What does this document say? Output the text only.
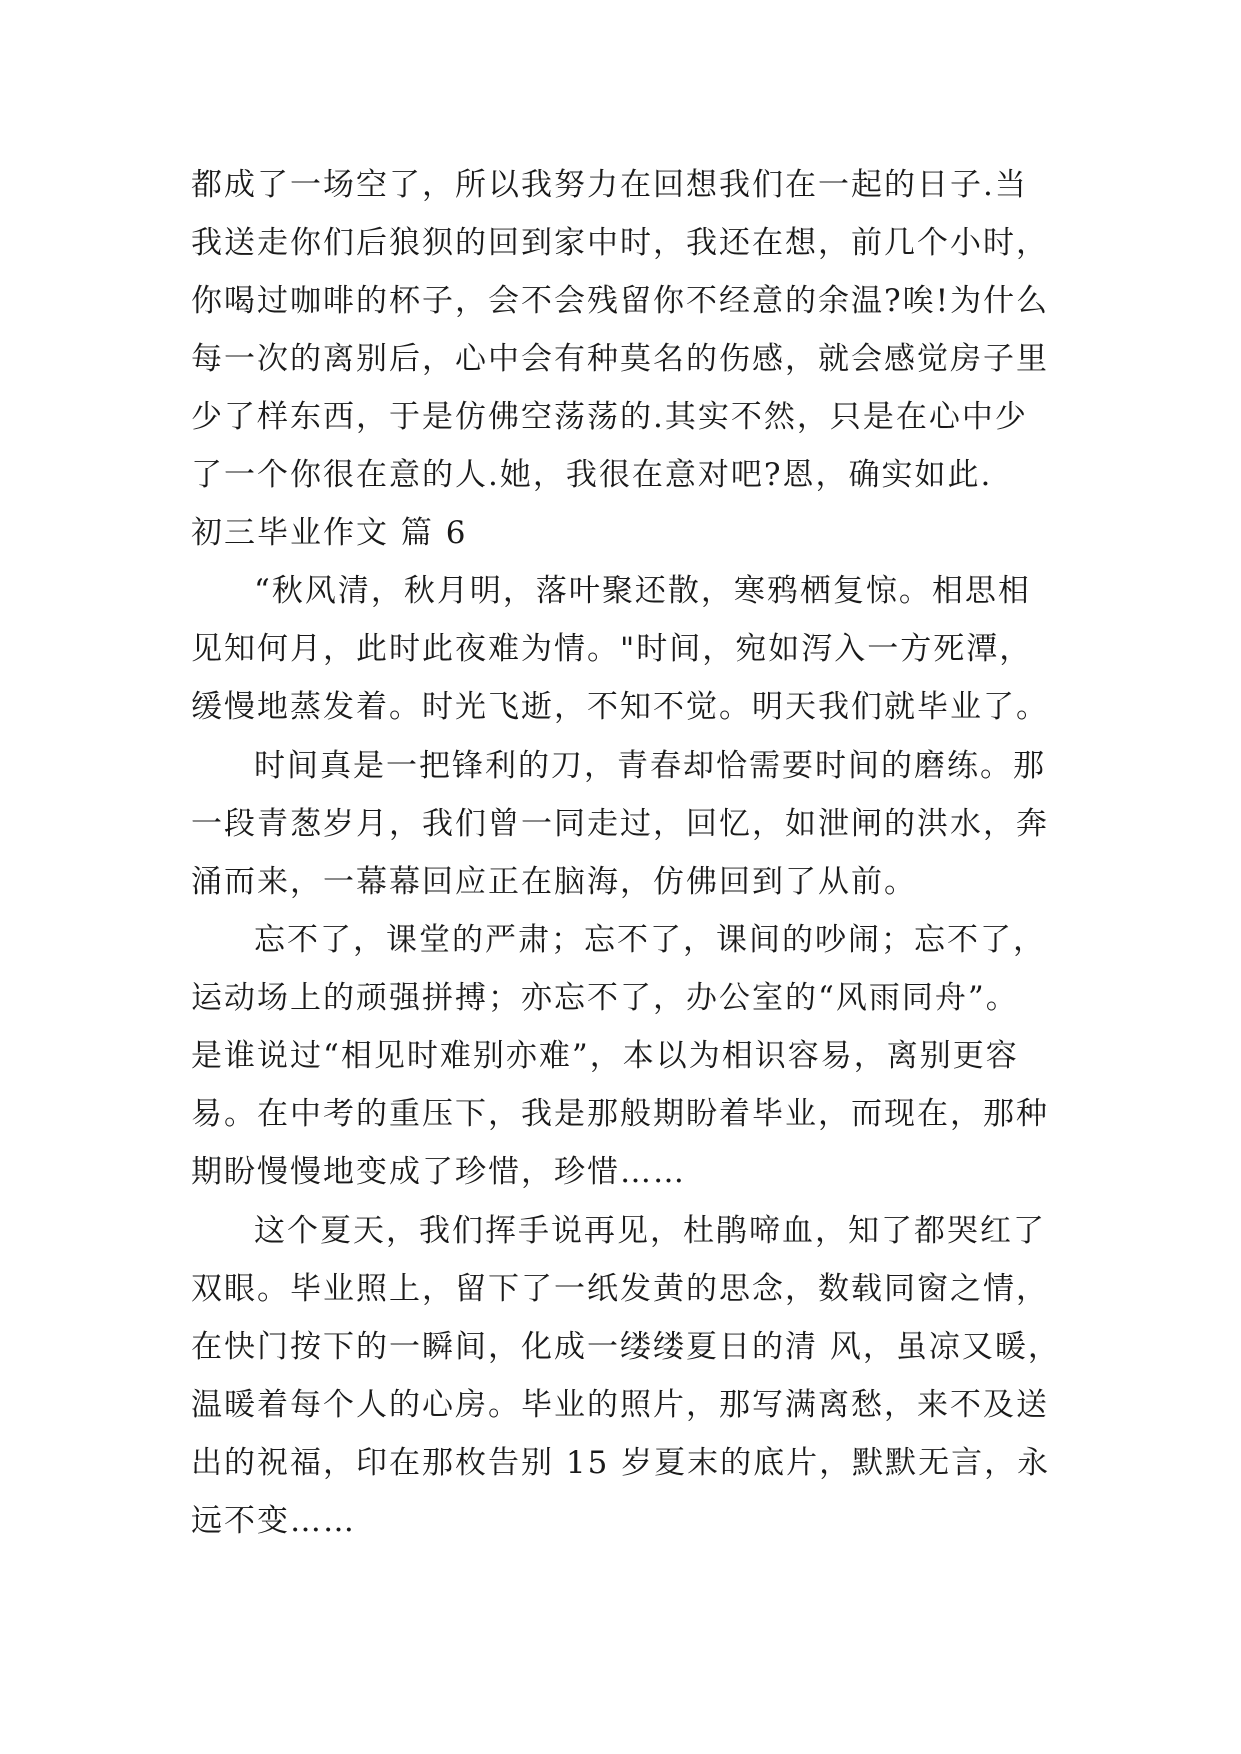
都成了一场空了，所以我努力在回想我们在一起的日子.当
我送走你们后狼狈的回到家中时，我还在想，前几个小时，
你喝过咖啡的杯子，会不会残留你不经意的余温?唉!为什么
每一次的离别后，心中会有种莫名的伤感，就会感觉房子里
少了样东西，于是仿佛空荡荡的.其实不然，只是在心中少
了一个你很在意的人.她，我很在意对吧?恩，确实如此.
初三毕业作文 篇 6
“秋风清，秋月明，落叶聚还散，寒鸦栖复惊。相思相
见知何月，此时此夜难为情。"时间，宛如泻入一方死潭，
缓慢地蒸发着。时光飞逝，不知不觉。明天我们就毕业了。
时间真是一把锋利的刀，青春却恰需要时间的磨练。那
一段青葱岁月，我们曾一同走过，回忆，如泄闸的洪水，奔
涌而来，一幕幕回应正在脑海，仿佛回到了从前。
忘不了，课堂的严肃；忘不了，课间的吵闹；忘不了，
运动场上的顽强拼搏；亦忘不了，办公室的“风雨同舟”。
是谁说过“相见时难别亦难”，本以为相识容易，离别更容
易。在中考的重压下，我是那般期盼着毕业，而现在，那种
期盼慢慢地变成了珍惜，珍惜……
这个夏天，我们挥手说再见，杜鹃啼血，知了都哭红了
双眼。毕业照上，留下了一纸发黄的思念，数载同窗之情，
在快门按下的一瞬间，化成一缕缕夏日的清 风，虽凉又暖，
温暖着每个人的心房。毕业的照片，那写满离愁，来不及送
出的祝福，印在那枚告别 15 岁夏末的底片，默默无言，永
远不变……
